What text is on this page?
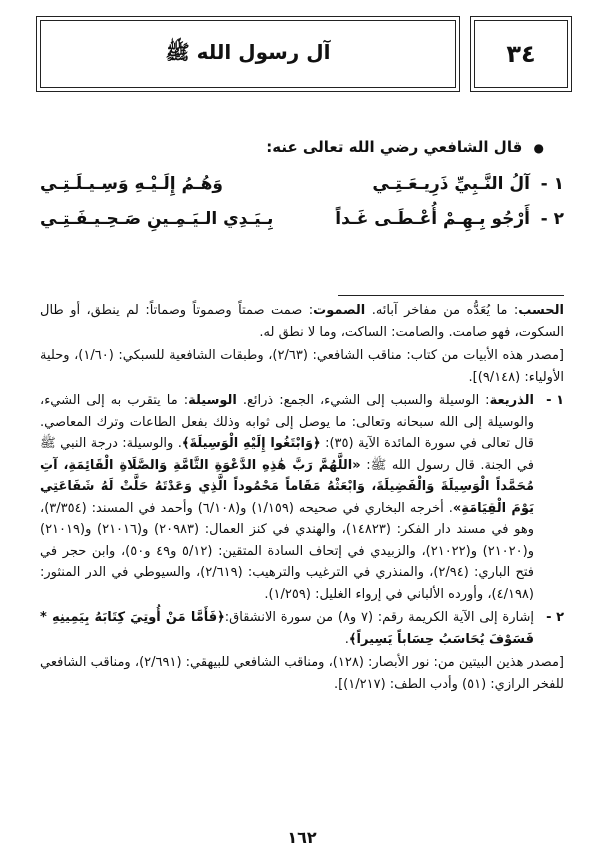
٣٤
آل رسول الله ﷺ
● قال الشافعي رضي الله تعالى عنه:
١ -
آلُ النَّـبِيِّ ذَرِيـعَـتِـي
وَهُـمُ إِلَـيْـهِ وَسِـيـلَـتِـي
٢ -
أَرْجُو بِـهِـمْ أُعْـطَـى غَـداً
بِـيَـدِي الـيَـمِـينِ صَـحِـيـفَـتِـي

الحسب: ما يُعَدُّه من مفاخر آبائه. الصموت: صمت صمتاً وصموتاً وصماتاً: لم ينطق، أو طال السكوت، فهو صامت. والصامت: الساكت، وما لا نطق له.

[مصدر هذه الأبيات من كتاب: مناقب الشافعي: (٢/٦٣)، وطبقات الشافعية للسبكي: (١/٦٠)، وحلية الأولياء: (٩/١٤٨)].

١ -
الذريعة: الوسيلة والسبب إلى الشيء، الجمع: ذرائع. الوسيلة: ما يتقرب به إلى الشيء، والوسيلة إلى الله سبحانه وتعالى: ما يوصل إلى ثوابه وذلك بفعل الطاعات وترك المعاصي. قال تعالى في سورة المائدة الآية (٣٥): ﴿وَابْتَغُوا إِلَيْهِ الْوَسِيلَةَ﴾. والوسيلة: درجة النبي ﷺ في الجنة. قال رسول الله ﷺ: «اللَّهُمَّ رَبَّ هَٰذِهِ الدَّعْوَةِ التَّامَّةِ وَالصَّلَاةِ الْقَائِمَةِ، آتِ مُحَمَّداً الْوَسِيلَةَ وَالْفَضِيلَةَ، وَابْعَثْهُ مَقَاماً مَحْمُوداً الَّذِي وَعَدْتَهُ حَلَّتْ لَهُ شَفَاعَتِي يَوْمَ الْقِيَامَةِ». أخرجه البخاري في صحيحه (١/١٥٩) و(٦/١٠٨) وأحمد في المسند: (٣/٣٥٤)، وهو في مسند دار الفكر: (١٤٨٢٣)، والهندي في كنز العمال: (٢٠٩٨٣) و(٢١٠١٦) و(٢١٠١٩) و(٢١٠٢٠) و(٢١٠٢٢)، والزبيدي في إتحاف السادة المتقين: (٥/١٢ و٤٩ و٥٠)، وابن حجر في فتح الباري: (٢/٩٤)، والمنذري في الترغيب والترهيب: (٢/٦١٩)، والسيوطي في الدر المنثور: (٤/١٩٨)، وأورده الألباني في إرواء الغليل: (١/٢٥٩).
٢ -
إشارة إلى الآية الكريمة رقم: (٧ و٨) من سورة الانشقاق:﴿فَأَمَّا مَنْ أُوتِيَ كِتَابَهُ بِيَمِينِهِ * فَسَوْفَ يُحَاسَبُ حِسَاباً يَسِيراً﴾.

[مصدر هذين البيتين من: نور الأبصار: (١٢٨)، ومناقب الشافعي للبيهقي: (٢/٦٩١)، ومناقب الشافعي للفخر الرازي: (٥١) وأدب الطف: (١/٢١٧)].

١٦٢
